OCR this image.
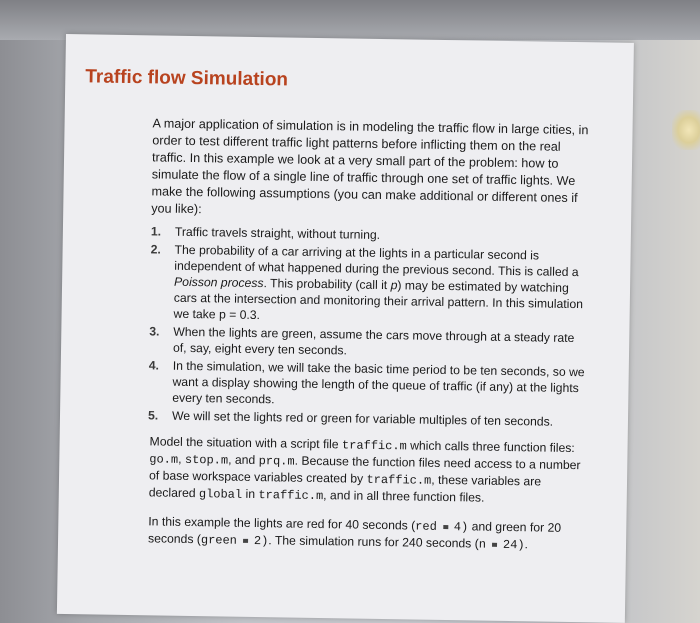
Traffic flow Simulation

A major application of simulation is in modeling the traffic flow in large cities, in order to test different traffic light patterns before inflicting them on the real traffic. In this example we look at a very small part of the problem: how to simulate the flow of a single line of traffic through one set of traffic lights. We make the following assumptions (you can make additional or different ones if you like):

1. Traffic travels straight, without turning.
2. The probability of a car arriving at the lights in a particular second is independent of what happened during the previous second. This is called a Poisson process. This probability (call it p) may be estimated by watching cars at the intersection and monitoring their arrival pattern. In this simulation we take p = 0.3.
3. When the lights are green, assume the cars move through at a steady rate of, say, eight every ten seconds.
4. In the simulation, we will take the basic time period to be ten seconds, so we want a display showing the length of the queue of traffic (if any) at the lights every ten seconds.
5. We will set the lights red or green for variable multiples of ten seconds.

Model the situation with a script file traffic.m which calls three function files: go.m, stop.m, and prq.m. Because the function files need access to a number of base workspace variables created by traffic.m, these variables are declared global in traffic.m, and in all three function files.

In this example the lights are red for 40 seconds (red 4) and green for 20 seconds (green 2). The simulation runs for 240 seconds (n 24).
